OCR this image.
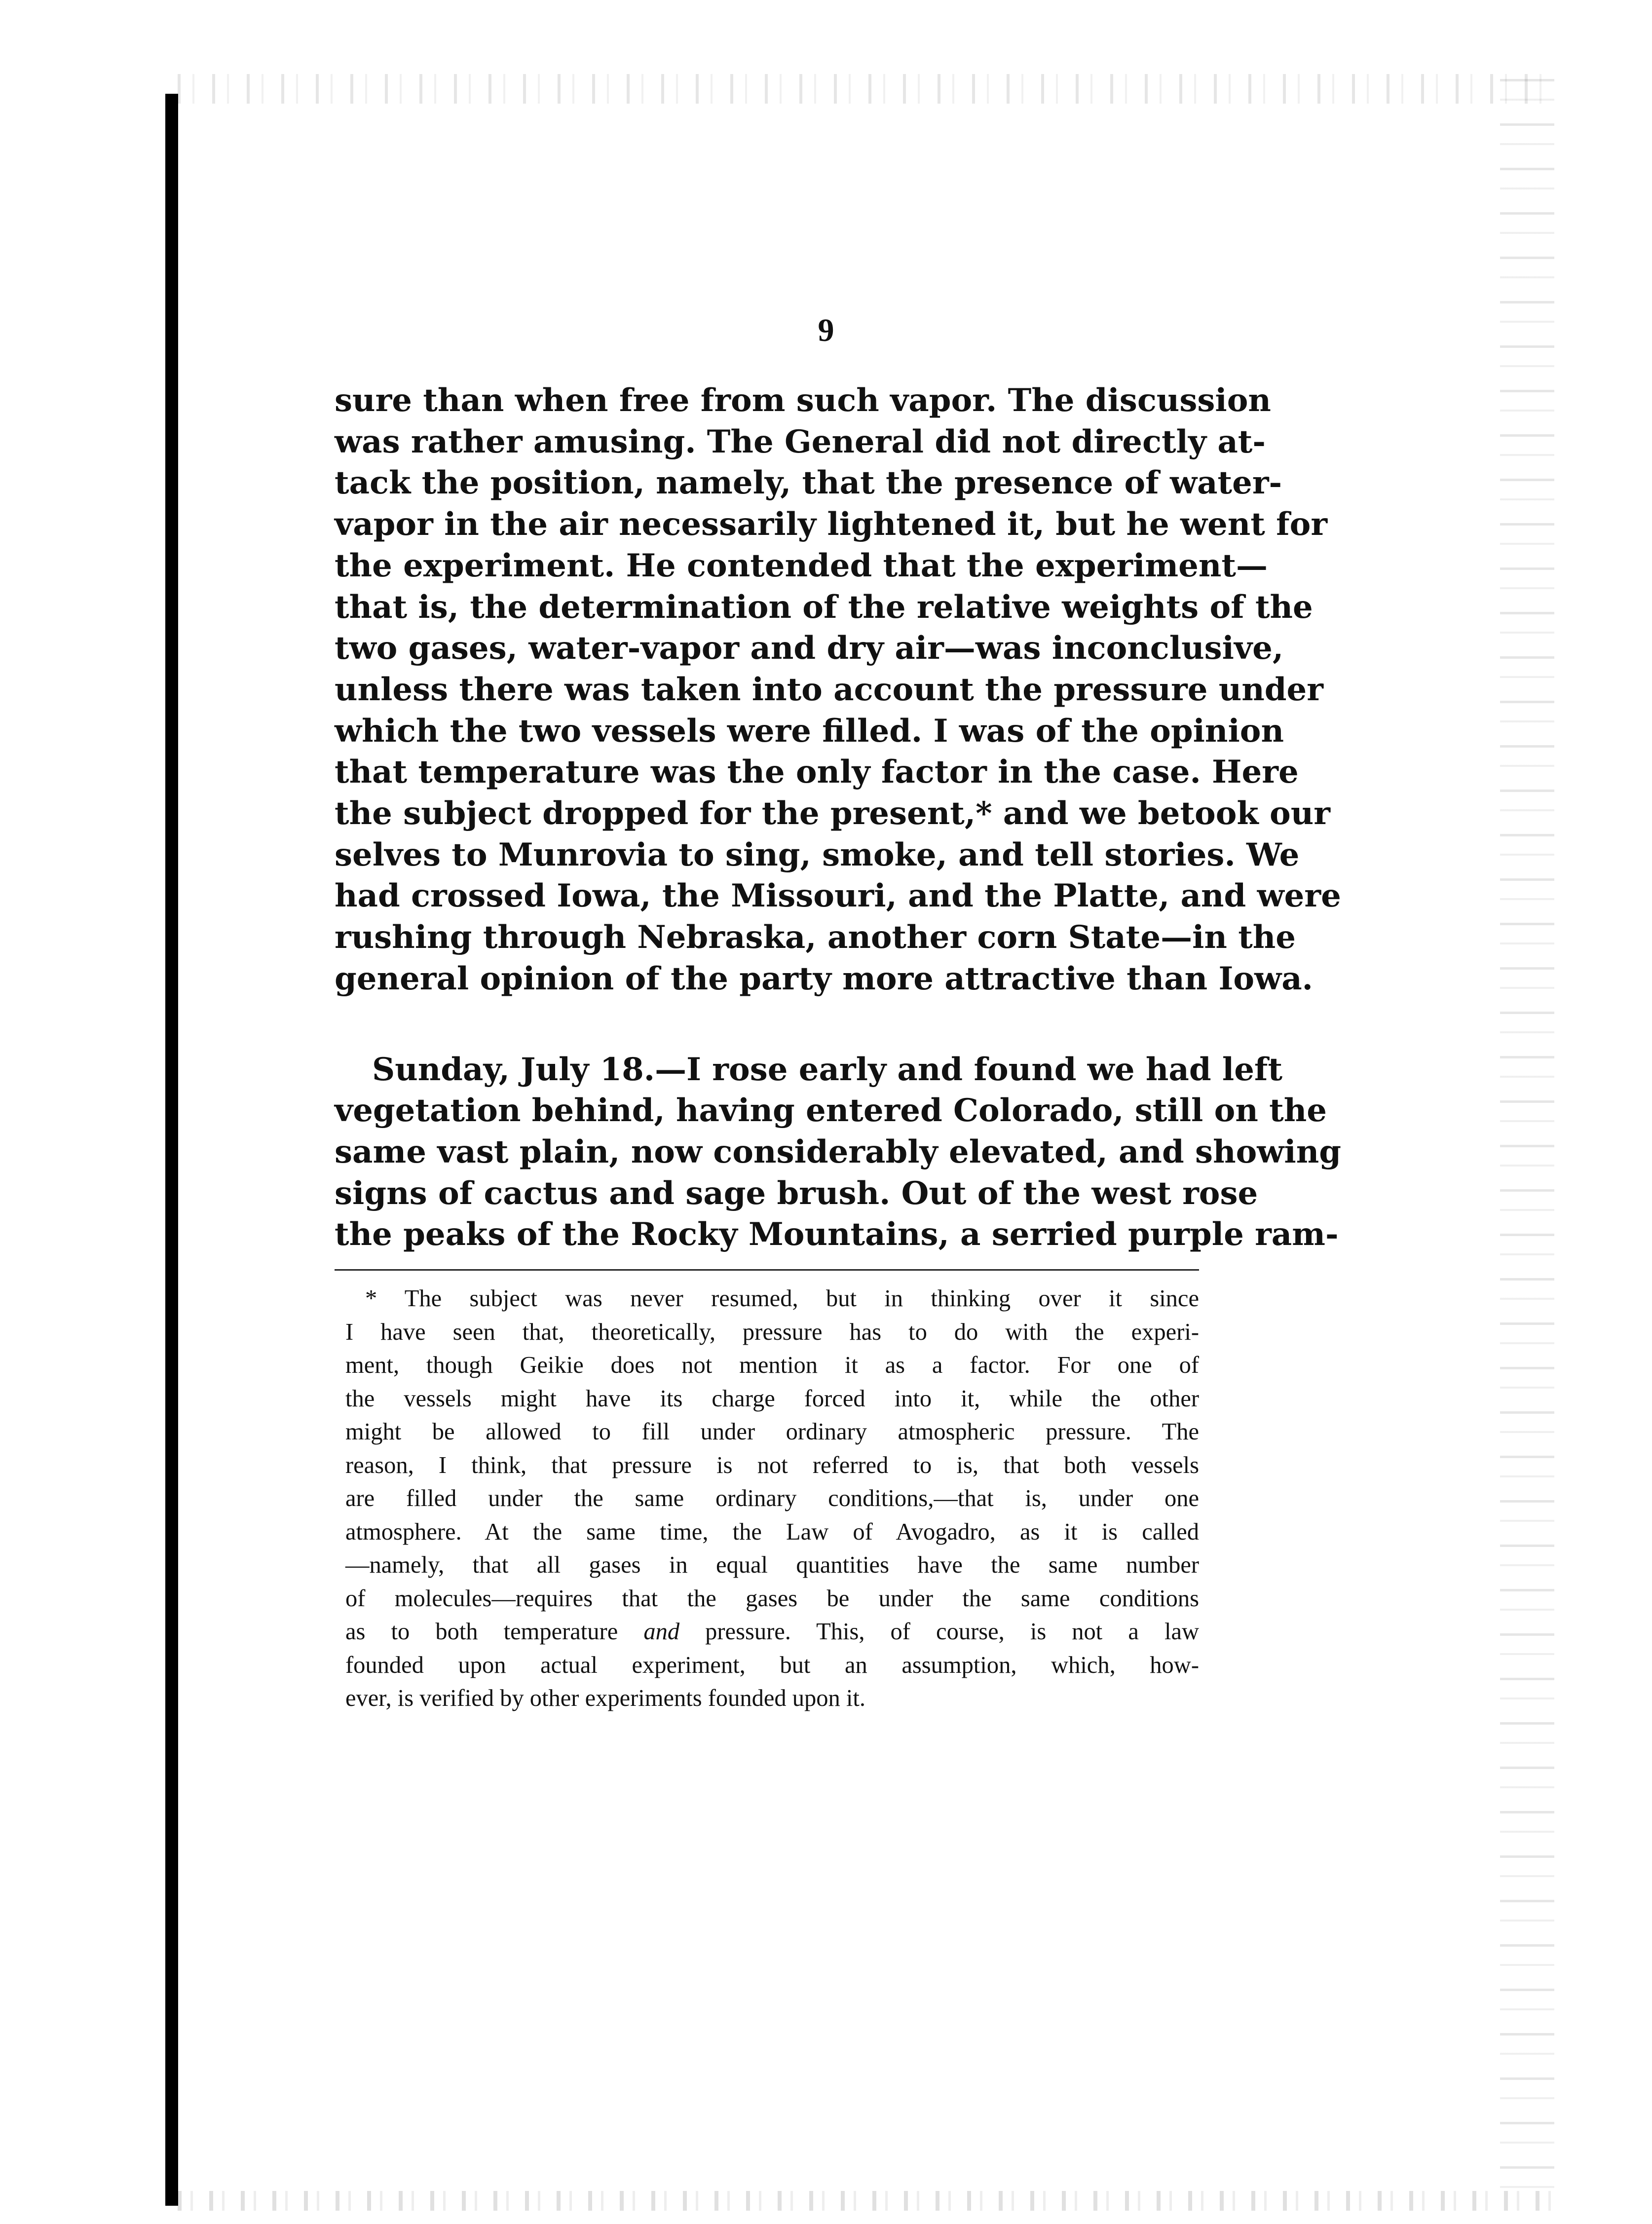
9
sure than when free from such vapor. The discussion
was rather amusing. The General did not directly at-
tack the position, namely, that the presence of water-
vapor in the air necessarily lightened it, but he went for
the experiment. He contended that the experiment—
that is, the determination of the relative weights of the
two gases, water-vapor and dry air—was inconclusive,
unless there was taken into account the pressure under
which the two vessels were filled. I was of the opinion
that temperature was the only factor in the case. Here
the subject dropped for the present,* and we betook our
selves to Munrovia to sing, smoke, and tell stories. We
had crossed Iowa, the Missouri, and the Platte, and were
rushing through Nebraska, another corn State—in the
general opinion of the party more attractive than Iowa.
Sunday, July 18.—I rose early and found we had left
vegetation behind, having entered Colorado, still on the
same vast plain, now considerably elevated, and showing
signs of cactus and sage brush. Out of the west rose
the peaks of the Rocky Mountains, a serried purple ram-
* The subject was never resumed, but in thinking over it since
I have seen that, theoretically, pressure has to do with the experi-
ment, though Geikie does not mention it as a factor. For one of
the vessels might have its charge forced into it, while the other
might be allowed to fill under ordinary atmospheric pressure. The
reason, I think, that pressure is not referred to is, that both vessels
are filled under the same ordinary conditions,—that is, under one
atmosphere. At the same time, the Law of Avogadro, as it is called
—namely, that all gases in equal quantities have the same number
of molecules—requires that the gases be under the same conditions
as to both temperature and pressure. This, of course, is not a law
founded upon actual experiment, but an assumption, which, how-
ever, is verified by other experiments founded upon it.
